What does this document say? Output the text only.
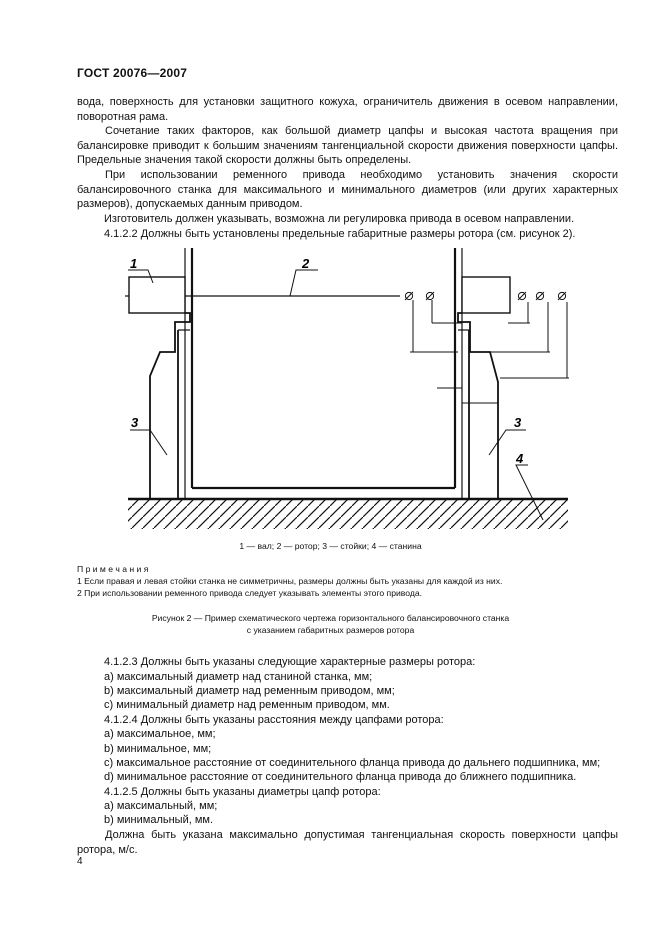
ГОСТ 20076—2007
вода, поверхность для установки защитного кожуха, ограничитель движения в осевом направлении, поворотная рама.
Сочетание таких факторов, как большой диаметр цапфы и высокая частота вращения при балансировке приводит к большим значениям тангенциальной скорости движения поверхности цапфы. Предельные значения такой скорости должны быть определены.
При использовании ременного привода необходимо установить значения скорости балансировочного станка для максимального и минимального диаметров (или других характерных размеров), допускаемых данным приводом.
Изготовитель должен указывать, возможна ли регулировка привода в осевом направлении.
4.1.2.2 Должны быть установлены предельные габаритные размеры ротора (см. рисунок 2).
1	2
3	3
4
1 — вал; 2 — ротор; 3 — стойки; 4 — станина
П р и м е ч а н и я
1 Если правая и левая стойки станка не симметричны, размеры должны быть указаны для каждой из них.
2 При использовании ременного привода следует указывать элементы этого привода.
Рисунок 2 — Пример схематического чертежа горизонтального балансировочного станка
с указанием габаритных размеров ротора
4.1.2.3 Должны быть указаны следующие характерные размеры ротора:
a) максимальный диаметр над станиной станка, мм;
b) максимальный диаметр над ременным приводом, мм;
c) минимальный диаметр над ременным приводом, мм.
4.1.2.4 Должны быть указаны расстояния между цапфами ротора:
a) максимальное, мм;
b) минимальное, мм;
c) максимальное расстояние от соединительного фланца привода до дальнего подшипника, мм;
d) минимальное расстояние от соединительного фланца привода до ближнего подшипника.
4.1.2.5 Должны быть указаны диаметры цапф ротора:
a) максимальный, мм;
b) минимальный, мм.
Должна быть указана максимально допустимая тангенциальная скорость поверхности цапфы ротора, м/с.
4
